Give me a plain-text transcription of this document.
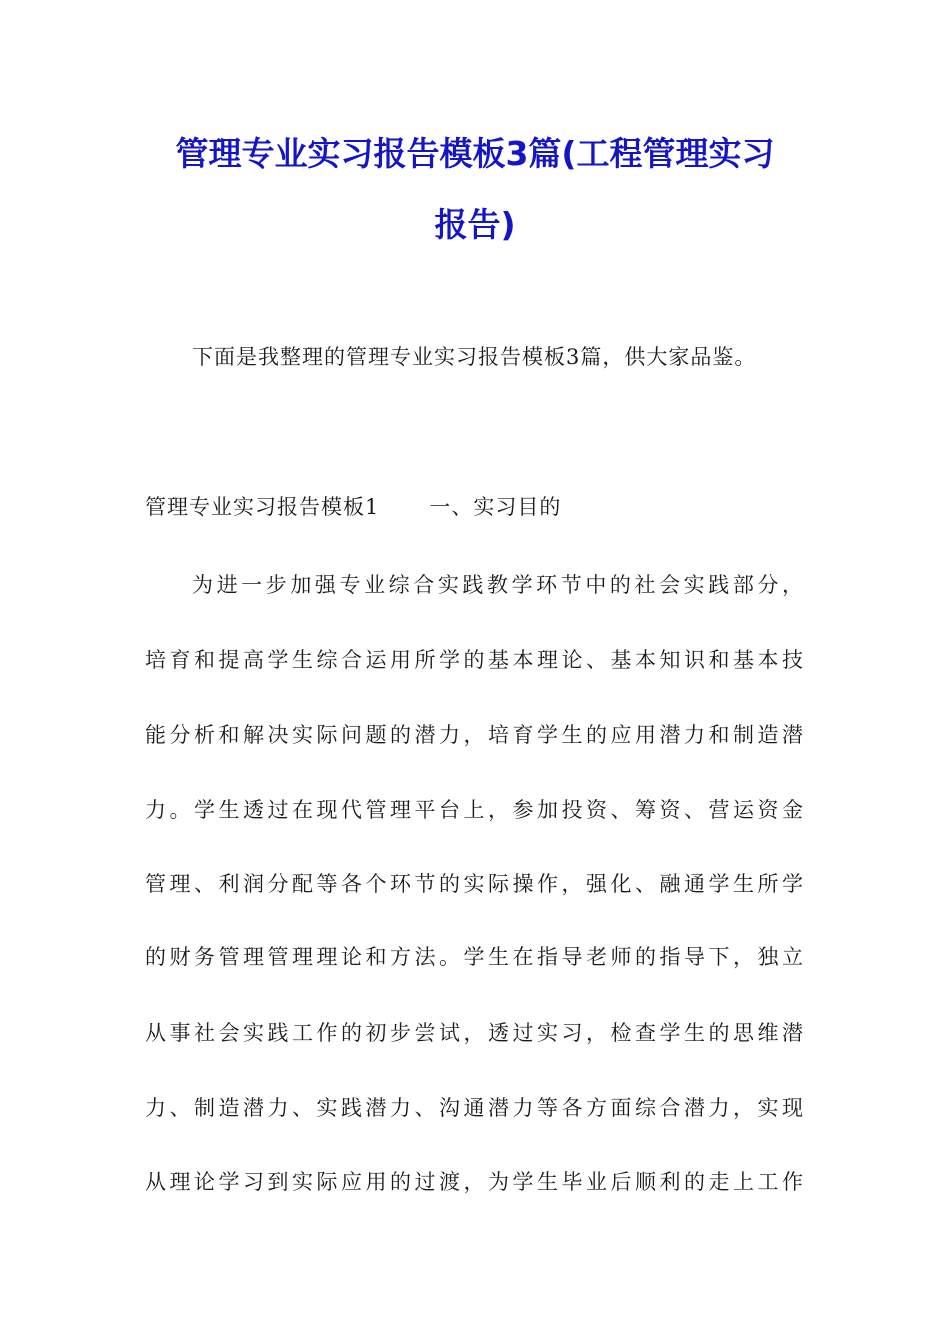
管理专业实习报告模板3篇(工程管理实习
报告)
下面是我整理的管理专业实习报告模板3篇，供大家品鉴。
管理专业实习报告模板1 一、实习目的
为进一步加强专业综合实践教学环节中的社会实践部分，
培育和提高学生综合运用所学的基本理论、基本知识和基本技
能分析和解决实际问题的潜力，培育学生的应用潜力和制造潜
力。学生透过在现代管理平台上，参加投资、筹资、营运资金
管理、利润分配等各个环节的实际操作，强化、融通学生所学
的财务管理管理理论和方法。学生在指导老师的指导下，独立
从事社会实践工作的初步尝试，透过实习，检查学生的思维潜
力、制造潜力、实践潜力、沟通潜力等各方面综合潜力，实现
从理论学习到实际应用的过渡，为学生毕业后顺利的走上工作
